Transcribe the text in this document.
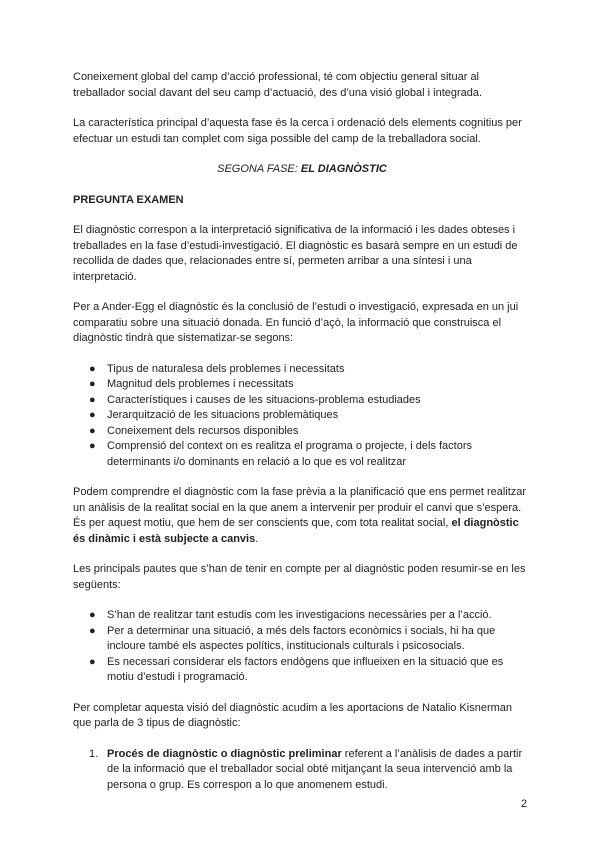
Coneixement global del camp d’acció professional, té com objectiu general situar al treballador social davant del seu camp d’actuació, des d’una visió global i integrada.

La característica principal d’aquesta fase és la cerca i ordenació dels elements cognitius per efectuar un estudi tan complet com siga possible del camp de la treballadora social.

SEGONA FASE: EL DIAGNÒSTIC
PREGUNTA EXAMEN

El diagnòstic correspon a la interpretació significativa de la informació i les dades obteses i treballades en la fase d’estudi-investigació. El diagnòstic es basarà sempre en un estudi de recollida de dades que, relacionades entre sí, permeten arribar a una síntesi i una interpretació.

Per a Ander-Egg el diagnòstic és la conclusió de l’estudi o investigació, expresada en un jui comparatiu sobre una situació donada. En funció d’açò, la informació que construisca el diagnòstic tindrà que sistematizar-se segons:

● Tipus de naturalesa dels problemes i necessitats
● Magnitud dels problemes i necessitats
● Característiques i causes de les situacions-problema estudiades
● Jerarquització de les situacions problemàtiques
● Coneixement dels recursos disponibles
● Comprensió del context on es realitza el programa o projecte, i dels factors determinants i/o dominants en relació a lo que es vol realitzar

Podem comprendre el diagnòstic com la fase prèvia a la planificació que ens permet realitzar un anàlisis de la realitat social en la que anem a intervenir per produir el canvi que s’espera. És per aquest motiu, que hem de ser conscients que, com tota realitat social, el diagnòstic és dinàmic i està subjecte a canvis.

Les principals pautes que s’han de tenir en compte per al diagnòstic poden resumir-se en les següents:

● S’han de realitzar tant estudis com les investigacions necessàries per a l’acció.
● Per a determinar una situació, a més dels factors econòmics i socials, hi ha que incloure també els aspectes polítics, institucionals culturals i psicosocials.
● Es necessari considerar els factors endògens que influeixen en la situació que es motiu d’estudi i programació.

Per completar aquesta visió del diagnòstic acudim a les aportacions de Natalio Kisnerman que parla de 3 tipus de diagnòstic:

1. Procés de diagnòstic o diagnòstic preliminar referent a l’anàlisis de dades a partir de la informació que el treballador social obté mitjançant la seua intervenció amb la persona o grup. Es correspon a lo que anomenem estudi.
2
